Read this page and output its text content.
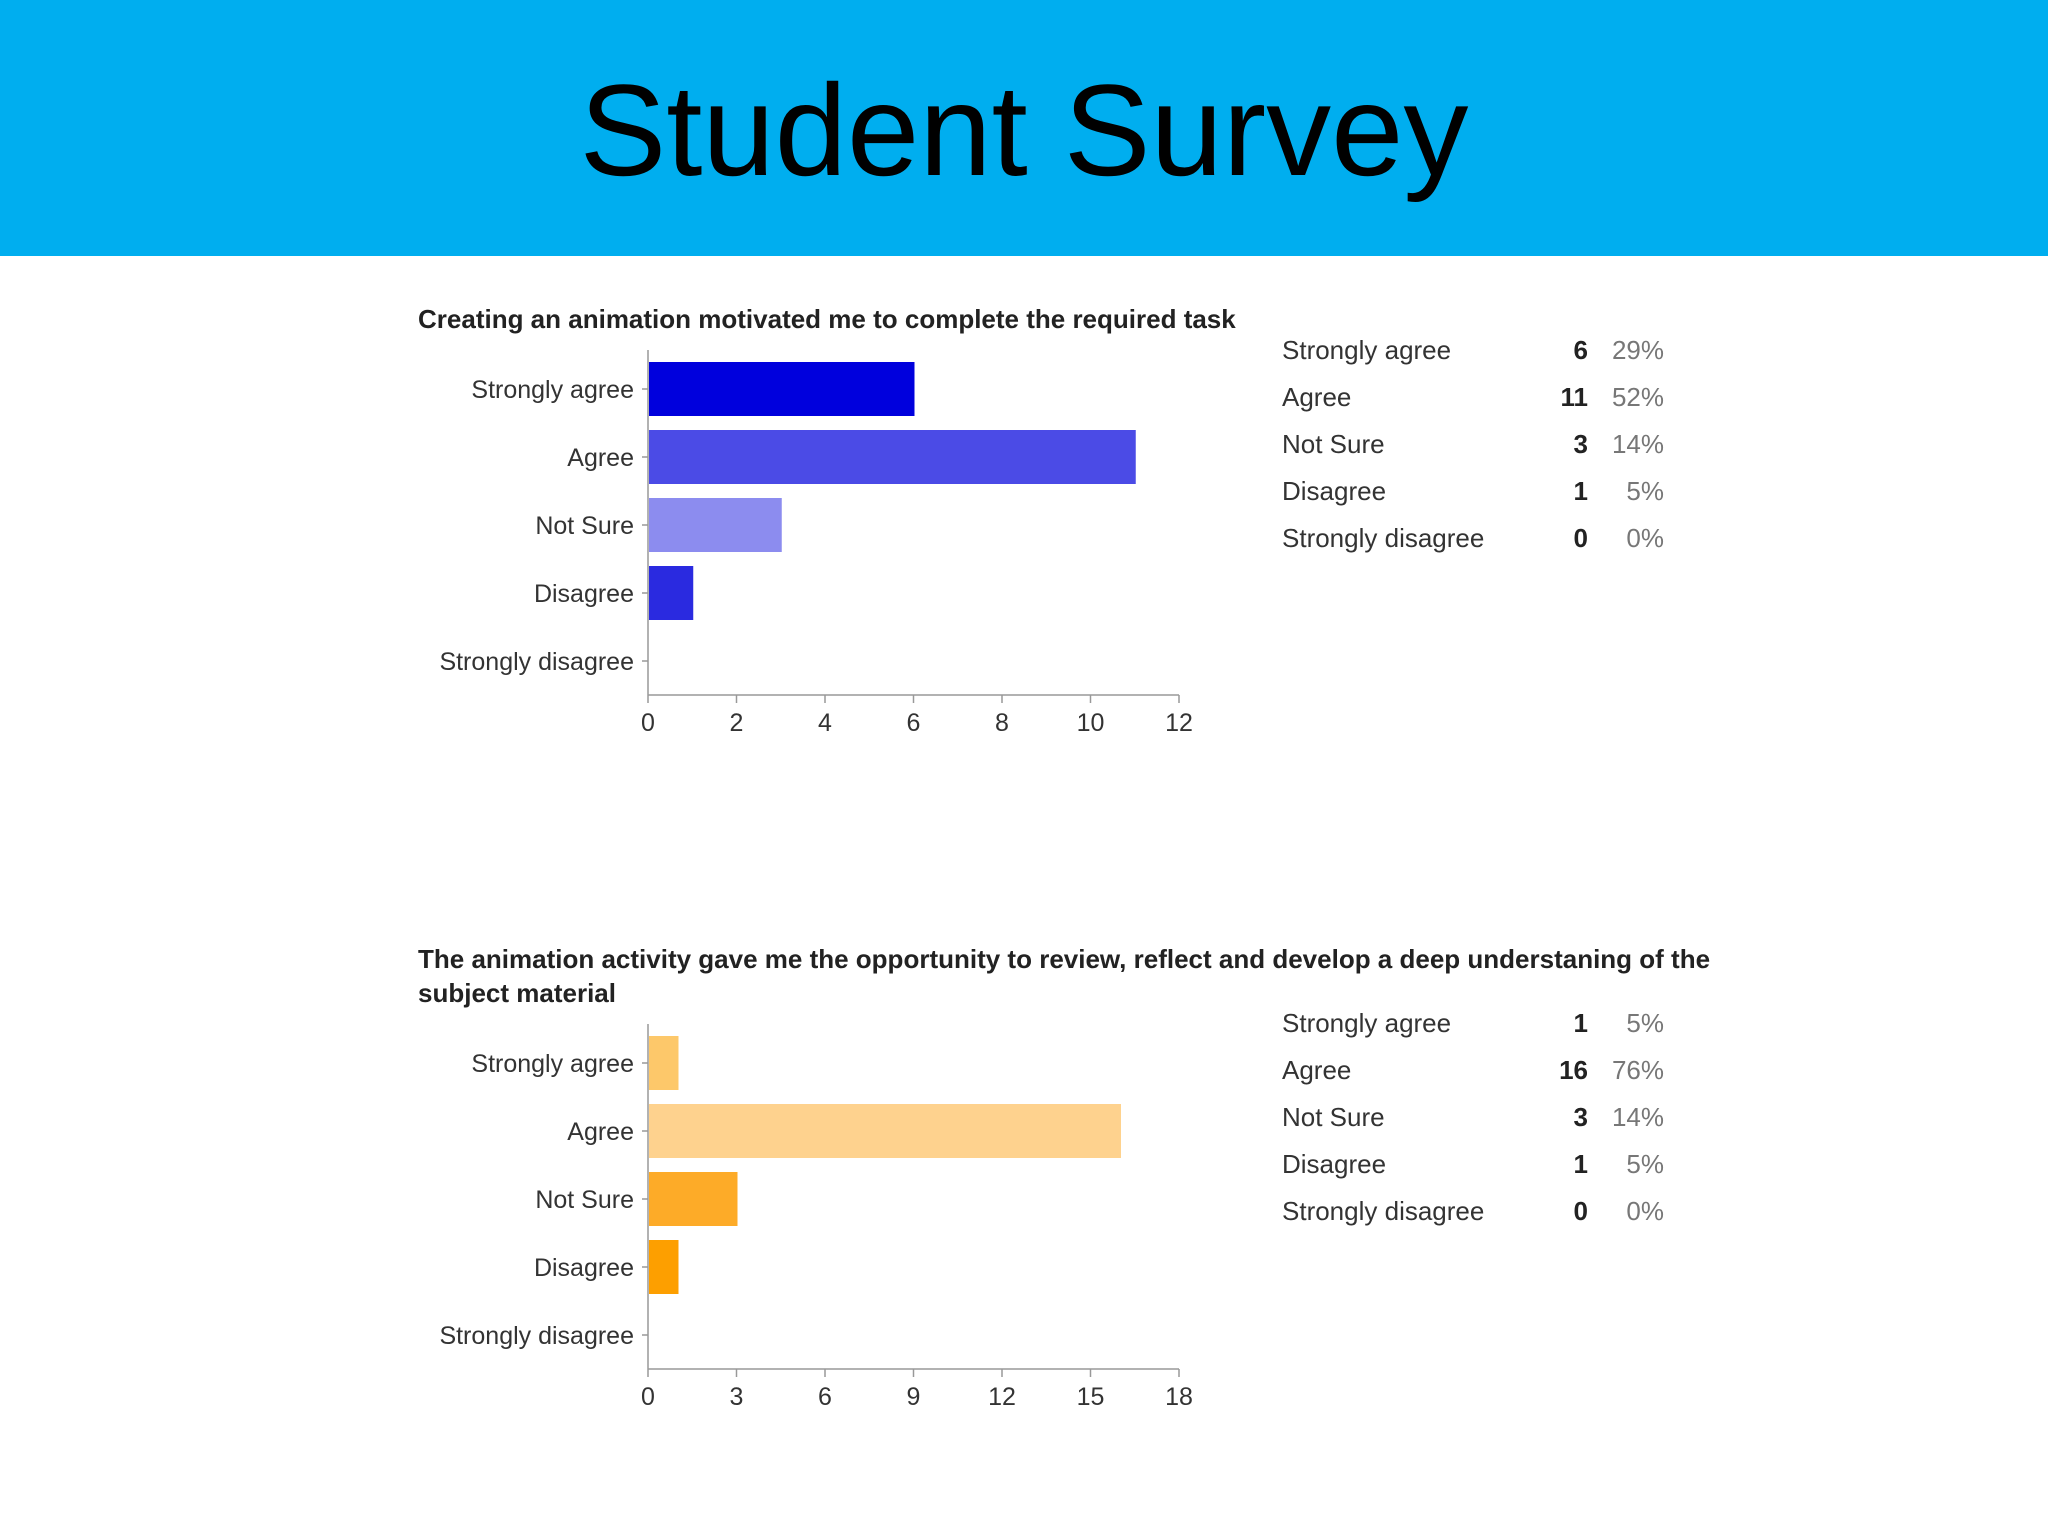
Student Survey
Creating an animation motivated me to complete the required task
Strongly agree
Agree
Not Sure
Disagree
Strongly disagree
0	2	4	6	8	10 12
Strongly agree	6 29%
Agree	11 52%
Not Sure	3 14%
Disagree	1 5%
Strongly disagree	0 0%
The animation activity gave me the opportunity to review, reflect and develop a deep understaning of the subject material
Strongly agree
Agree
Not Sure
Disagree
Strongly disagree
0	3	6	9	12 15 18
Strongly agree	1 5%
Agree	16 76%
Not Sure	3 14%
Disagree	1 5%
Strongly disagree	0 0%
